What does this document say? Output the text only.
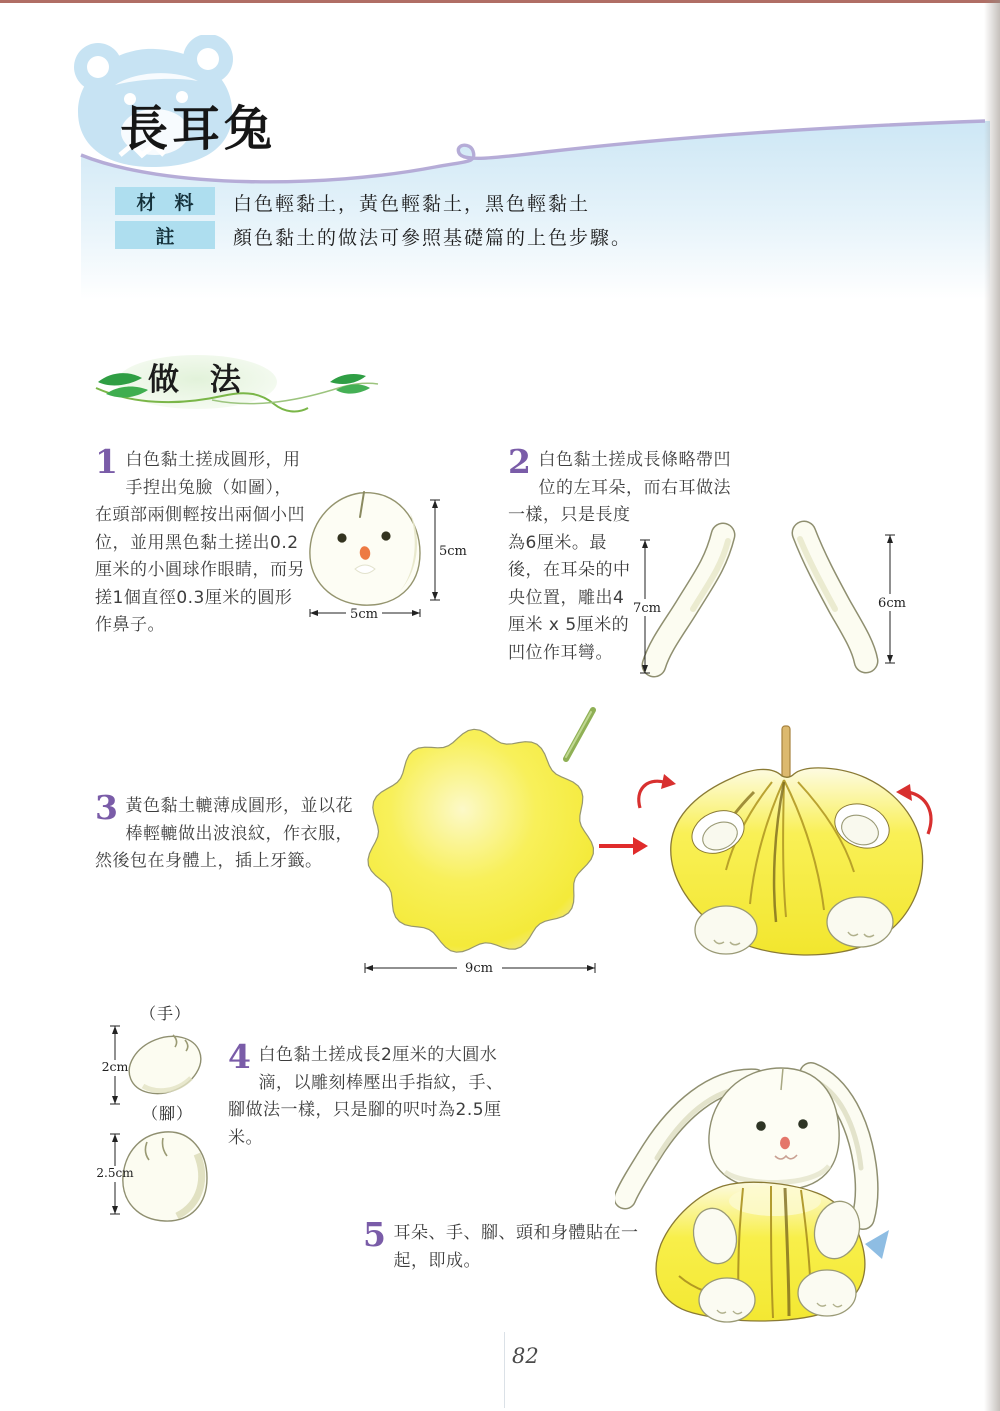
長耳兔
材　料	白色輕黏土，黃色輕黏土，黑色輕黏土
註	顏色黏土的做法可參照基礎篇的上色步驟。
做 法
1 白色黏土搓成圓形，用手揑出兔臉（如圖），在頭部兩側輕按出兩個小凹位，並用黑色黏土搓出0.2厘米的小圓球作眼睛，而另搓1個直徑0.3厘米的圓形作鼻子。
5cm
5cm
2 白色黏土搓成長條略帶凹位的左耳朵，而右耳做法一樣，只是長度為6厘米。最後，在耳朵的中央位置，雕出4厘米 x 5厘米的凹位作耳彎。
7cm	6cm
3 黃色黏土轆薄成圓形，並以花棒輕轆做出波浪紋，作衣服，然後包在身體上，插上牙籤。
9cm
（手）
2cm
（腳）
2.5cm
4 白色黏土搓成長2厘米的大圓水滴，以雕刻棒壓出手指紋，手、腳做法一樣，只是腳的呎吋為2.5厘米。
5 耳朵、手、腳、頭和身體貼在一起，即成。
82
